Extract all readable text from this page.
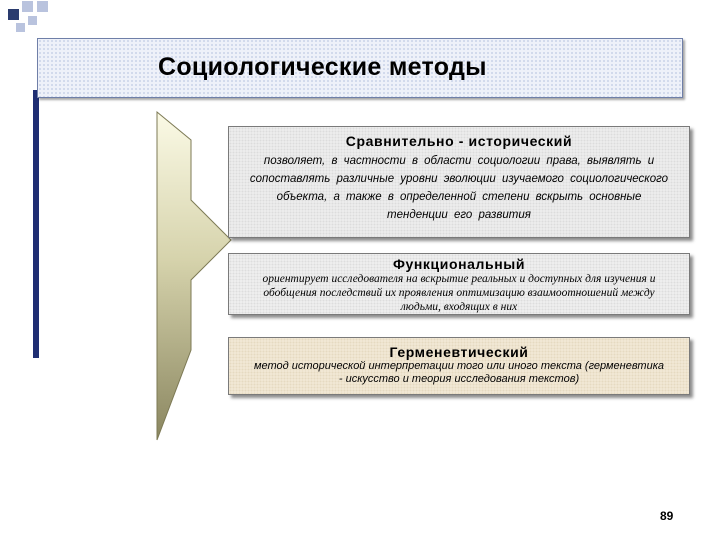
Социологические методы
Сравнительно - исторический
позволяет, в частности в области социологии права, выявлять и сопоставлять различные уровни эволюции изучаемого социологического объекта, а также в определенной степени вскрыть основные тенденции его развития
Функциональный
ориентирует исследователя на вскрытие реальных и доступных для изучения и обобщения последствий их проявления оптимизацию взаимоотношений между людьми, входящих в них
Герменевтический
метод исторической интерпретации того или иного текста (герменевтика - искусство и теория исследования текстов)
89
